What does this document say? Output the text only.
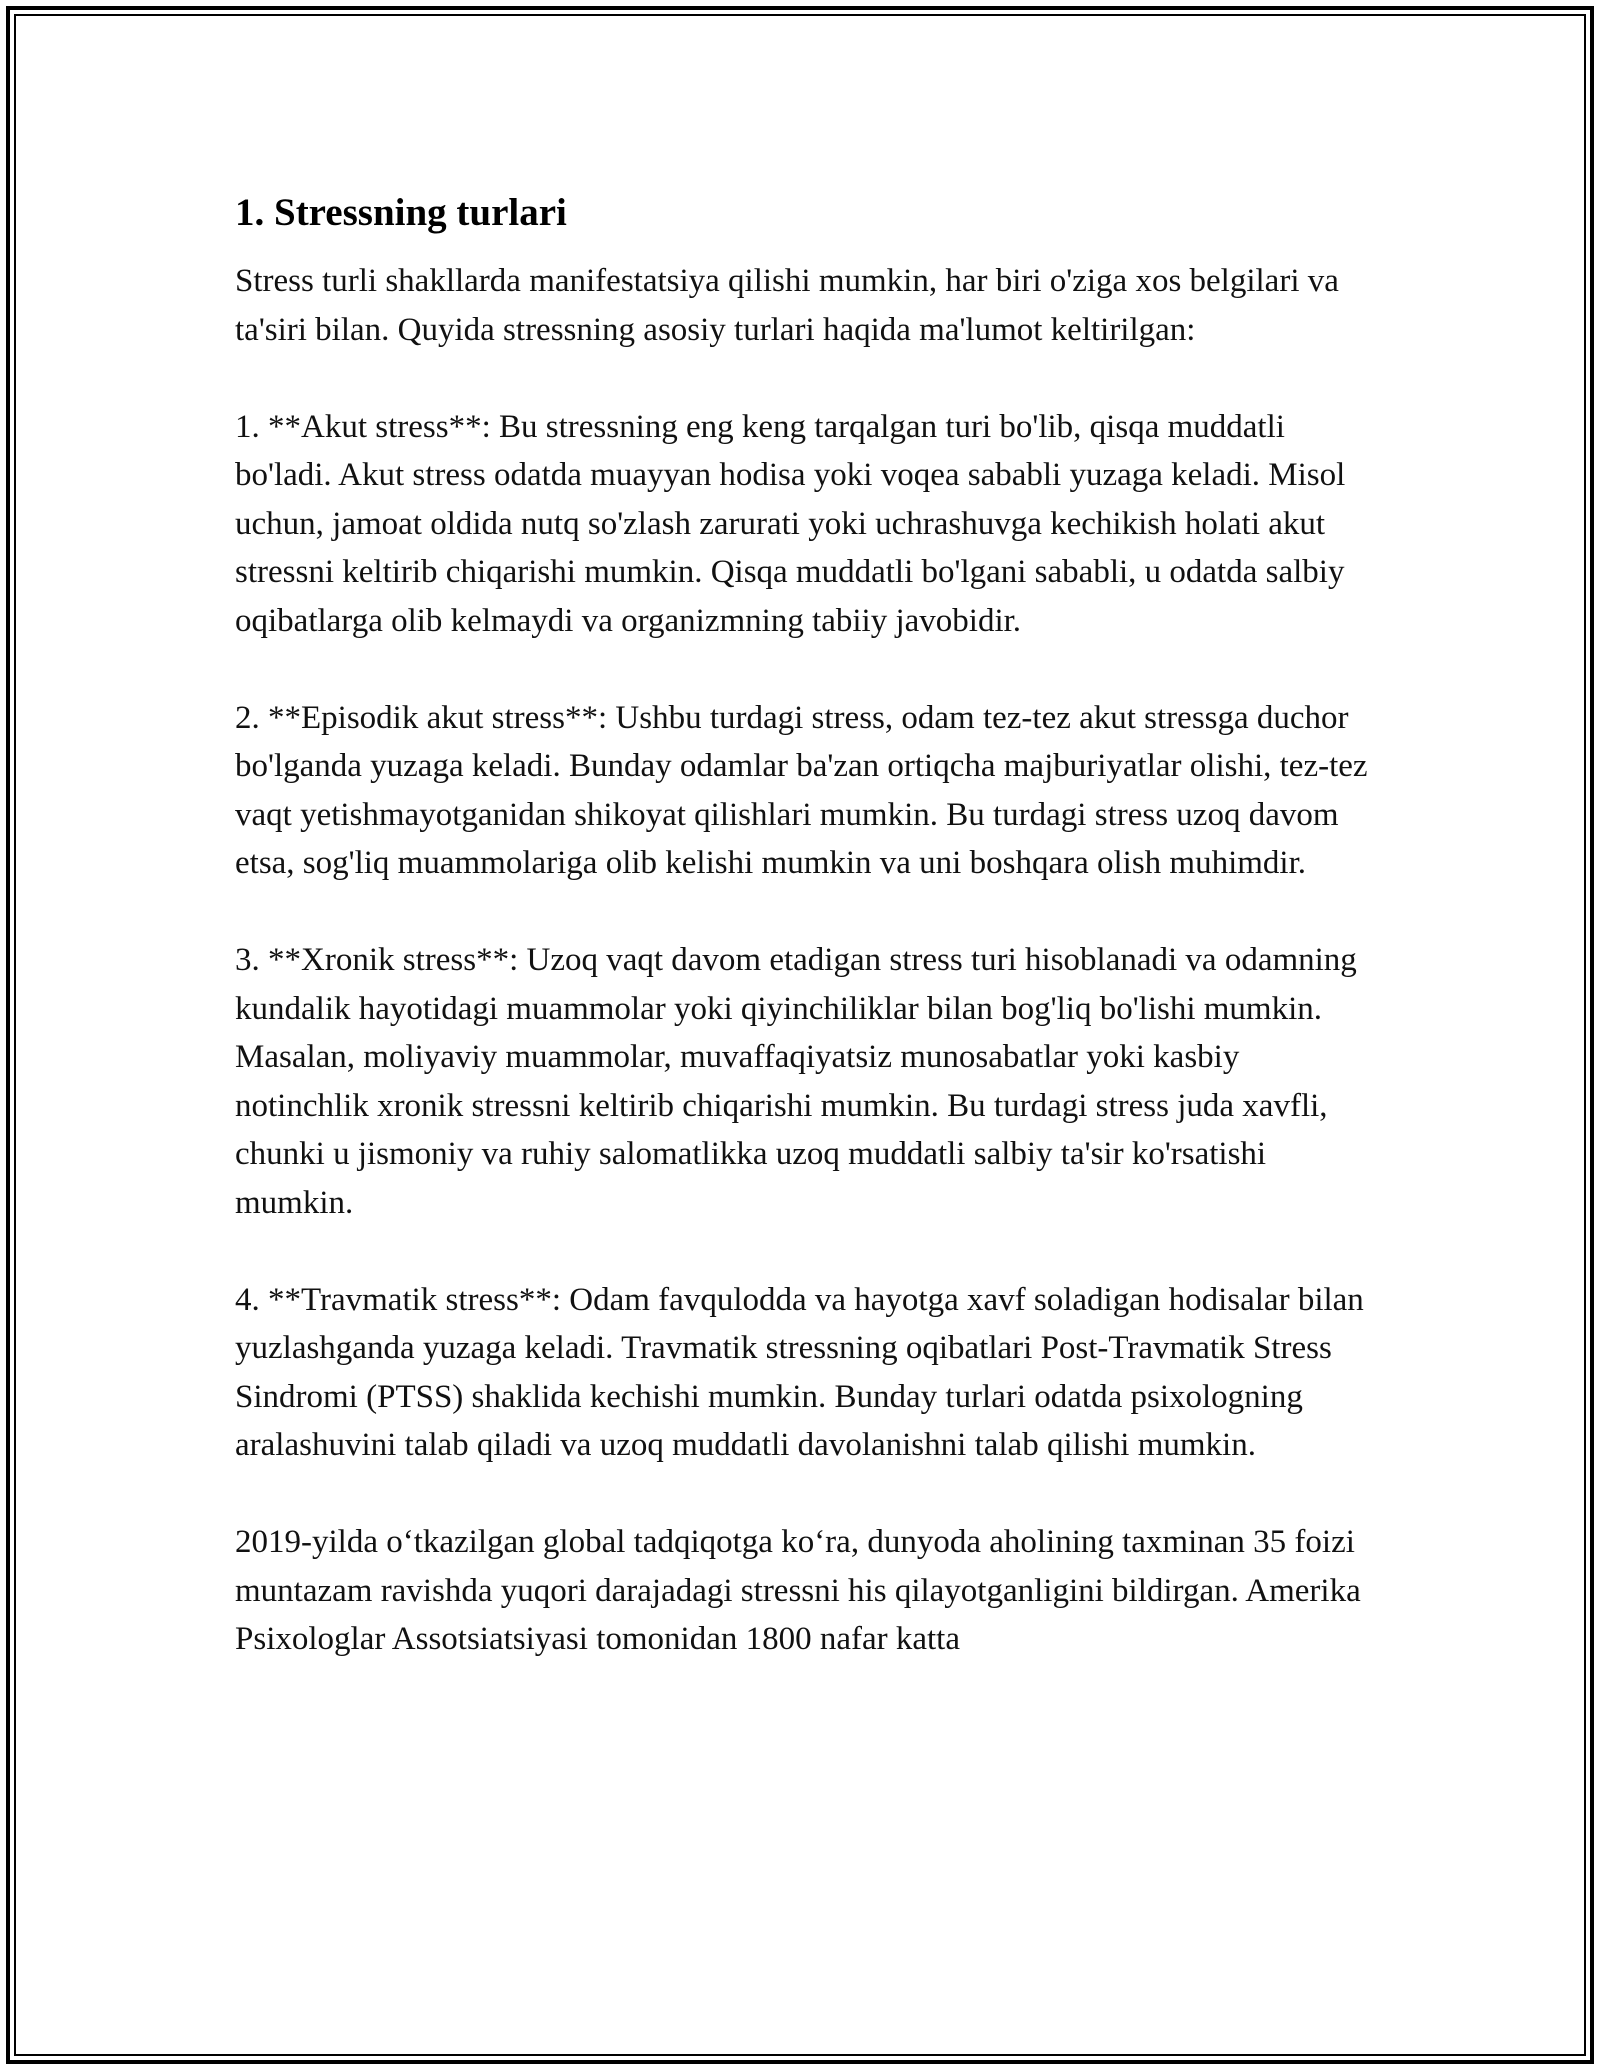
1. Stressning turlari

Stress turli shakllarda manifestatsiya qilishi mumkin, har biri o'ziga xos belgilari va ta'siri bilan. Quyida stressning asosiy turlari haqida ma'lumot keltirilgan:

1. **Akut stress**: Bu stressning eng keng tarqalgan turi bo'lib, qisqa muddatli bo'ladi. Akut stress odatda muayyan hodisa yoki voqea sababli yuzaga keladi. Misol uchun, jamoat oldida nutq so'zlash zarurati yoki uchrashuvga kechikish holati akut stressni keltirib chiqarishi mumkin. Qisqa muddatli bo'lgani sababli, u odatda salbiy oqibatlarga olib kelmaydi va organizmning tabiiy javobidir.

2. **Episodik akut stress**: Ushbu turdagi stress, odam tez-tez akut stressga duchor bo'lganda yuzaga keladi. Bunday odamlar ba'zan ortiqcha majburiyatlar olishi, tez-tez vaqt yetishmayotganidan shikoyat qilishlari mumkin. Bu turdagi stress uzoq davom etsa, sog'liq muammolariga olib kelishi mumkin va uni boshqara olish muhimdir.

3. **Xronik stress**: Uzoq vaqt davom etadigan stress turi hisoblanadi va odamning kundalik hayotidagi muammolar yoki qiyinchiliklar bilan bog'liq bo'lishi mumkin. Masalan, moliyaviy muammolar, muvaffaqiyatsiz munosabatlar yoki kasbiy notinchlik xronik stressni keltirib chiqarishi mumkin. Bu turdagi stress juda xavfli, chunki u jismoniy va ruhiy salomatlikka uzoq muddatli salbiy ta'sir ko'rsatishi mumkin.

4. **Travmatik stress**: Odam favqulodda va hayotga xavf soladigan hodisalar bilan yuzlashganda yuzaga keladi. Travmatik stressning oqibatlari Post-Travmatik Stress Sindromi (PTSS) shaklida kechishi mumkin. Bunday turlari odatda psixologning aralashuvini talab qiladi va uzoq muddatli davolanishni talab qilishi mumkin.

2019-yilda oʻtkazilgan global tadqiqotga koʻra, dunyoda aholining taxminan 35 foizi muntazam ravishda yuqori darajadagi stressni his qilayotganligini bildirgan. Amerika Psixologlar Assotsiatsiyasi tomonidan 1800 nafar katta
